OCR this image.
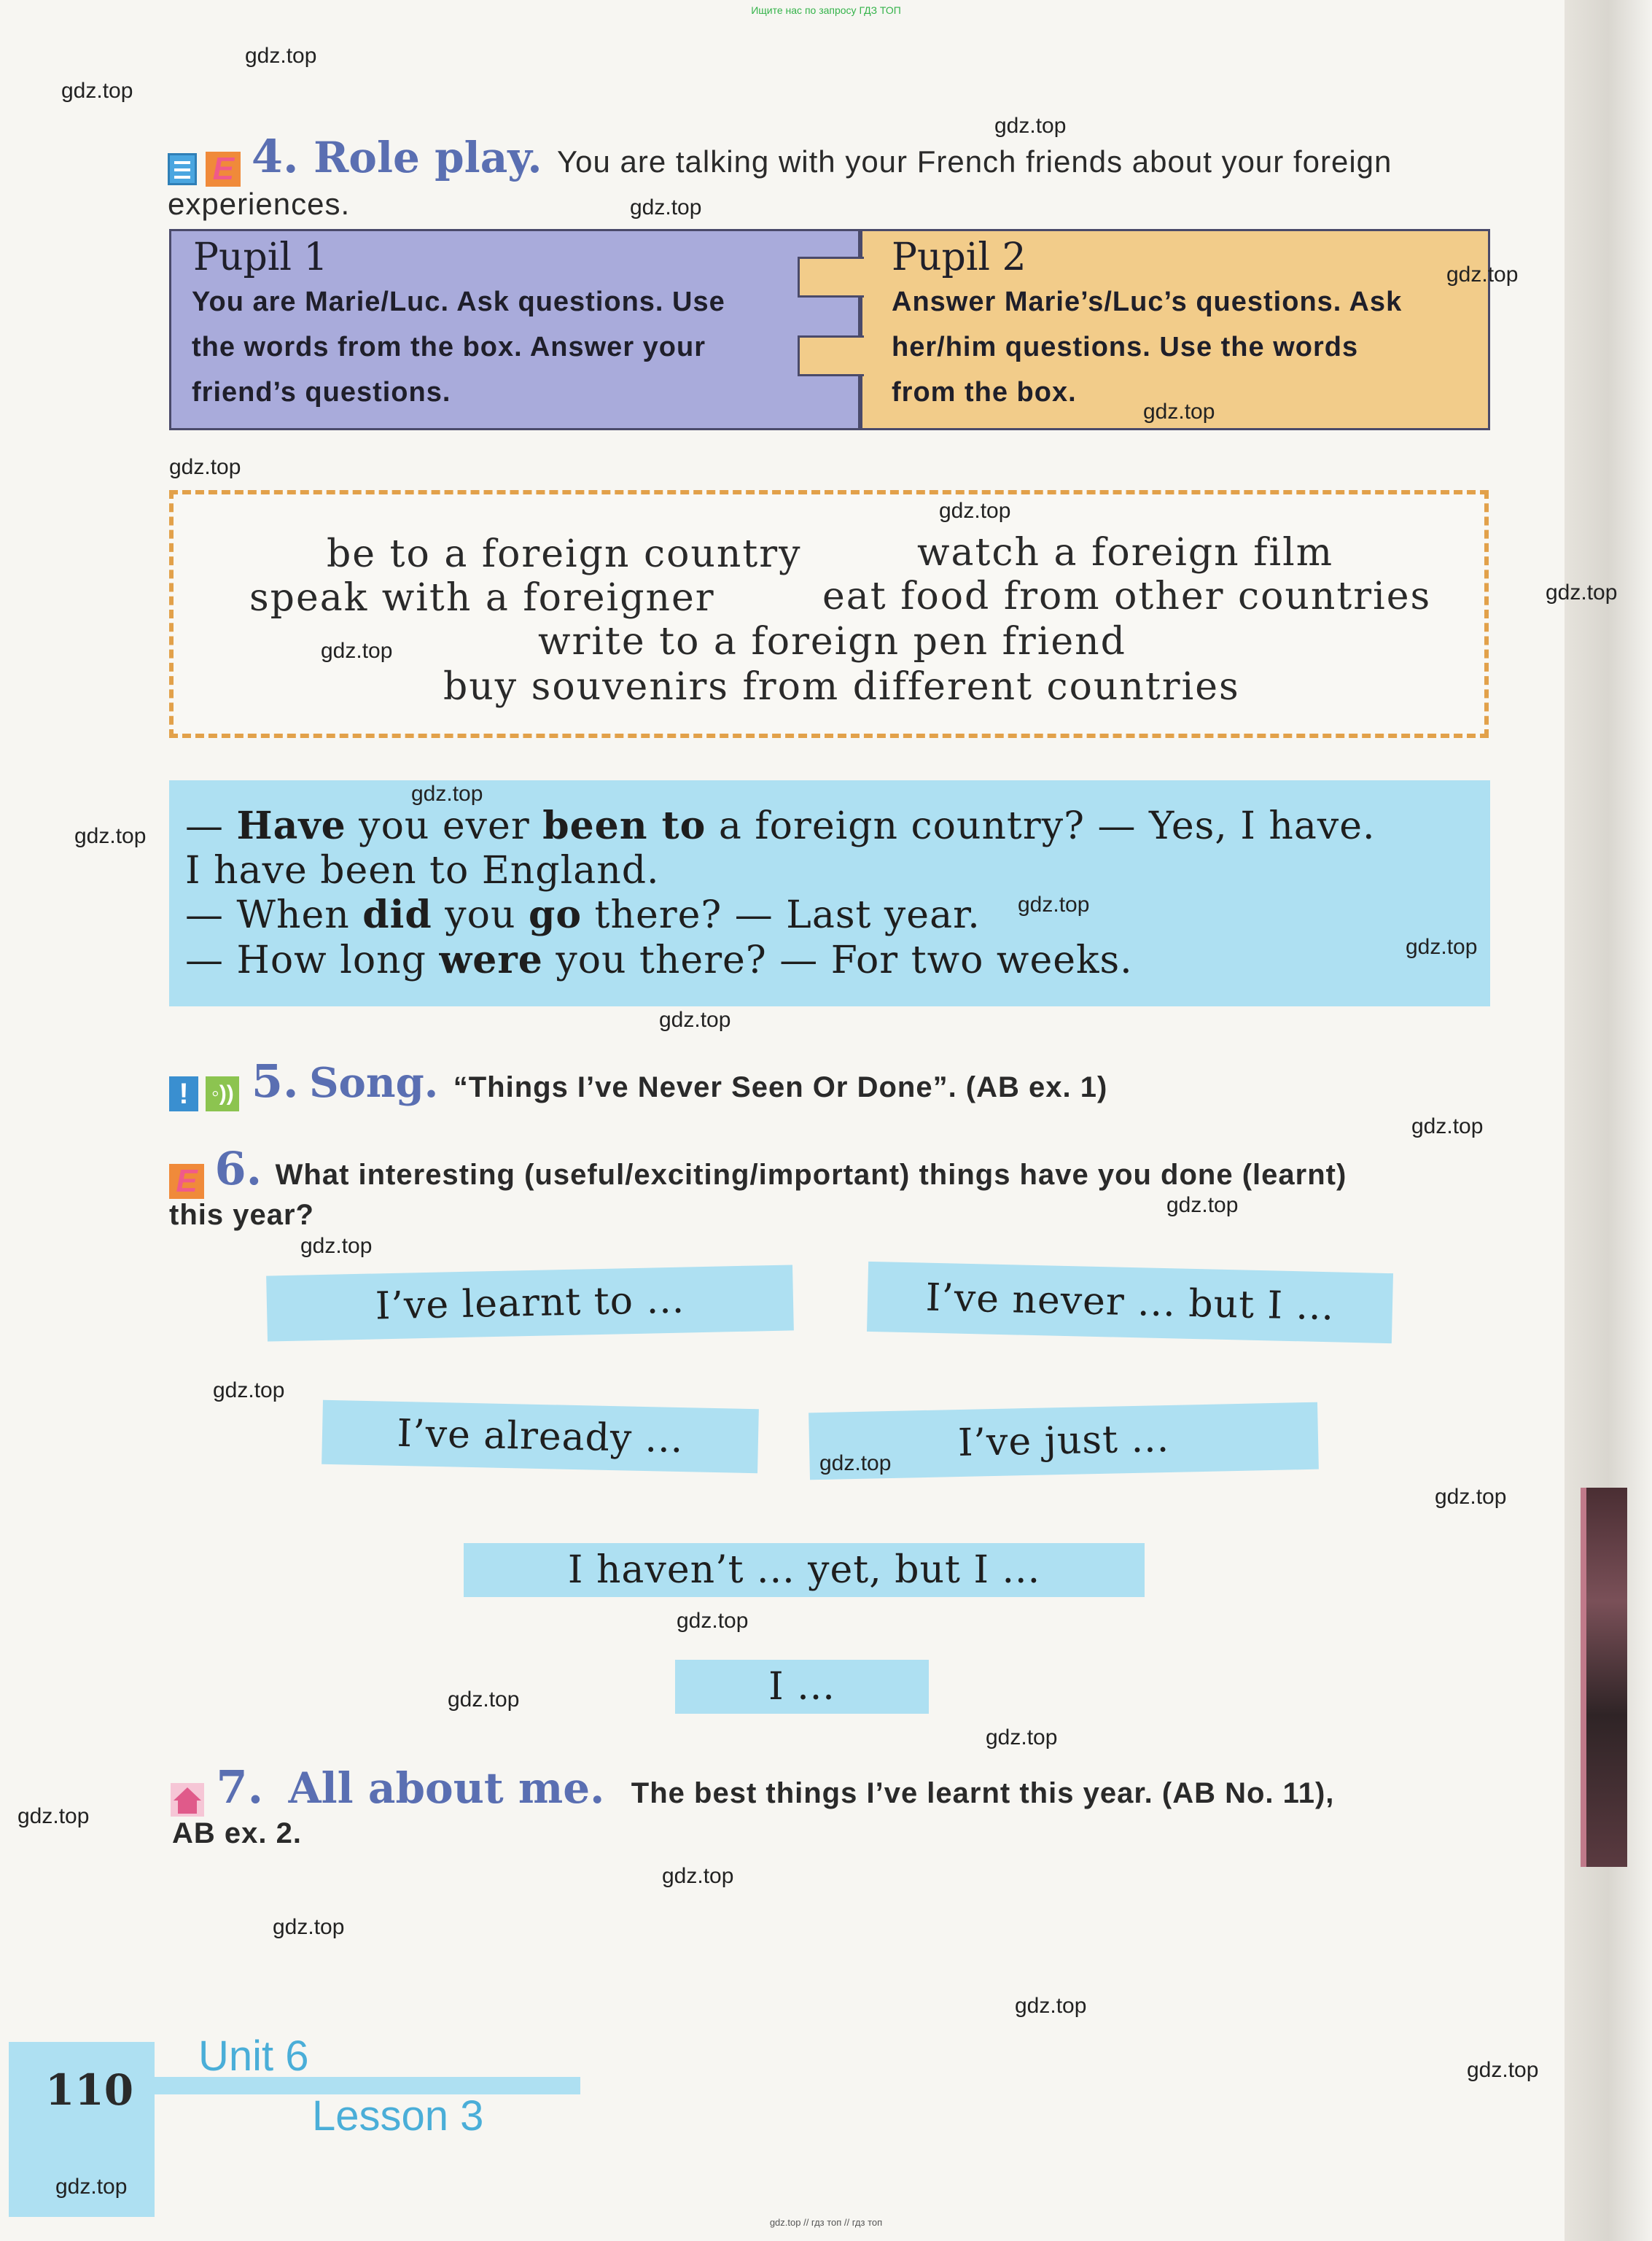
Ищите нас по запросу ГДЗ ТОП
E 4. Role play. You are talking with your French friends about your foreign
experiences.
Pupil 1
You are Marie/Luc. Ask questions. Use
the words from the box. Answer your
friend’s questions.
Pupil 2
Answer Marie’s/Luc’s questions. Ask
her/him questions. Use the words
from the box.
be to a foreign country	watch a foreign film
speak with a foreigner	eat food from other countries
write to a foreign pen friend
buy souvenirs from different countries
— Have you ever been to a foreign country? — Yes, I have.
I have been to England.
— When did you go there? — Last year.
— How long were you there? — For two weeks.
! ◦)) 5. Song. “Things I’ve Never Seen Or Done”. (AB ex. 1)
E 6. What interesting (useful/exciting/important) things have you done (learnt)
this year?
I’ve learnt to ...	I’ve never ... but I ...
I’ve already ...	I’ve just ...
I haven’t ... yet, but I ...
I ...
7. All about me. The best things I’ve learnt this year. (AB No. 11),
AB ex. 2.
110
Unit 6
Lesson 3
gdz.top
gdz.top
gdz.top
gdz.top
gdz.top
gdz.top
gdz.top
gdz.top
gdz.top
gdz.top
gdz.top
gdz.top
gdz.top
gdz.top
gdz.top
gdz.top
gdz.top
gdz.top
gdz.top
gdz.top
gdz.top
gdz.top
gdz.top
gdz.top
gdz.top
gdz.top
gdz.top
gdz.top
gdz.top
gdz.top
gdz.top // гдз топ // гдз топ
